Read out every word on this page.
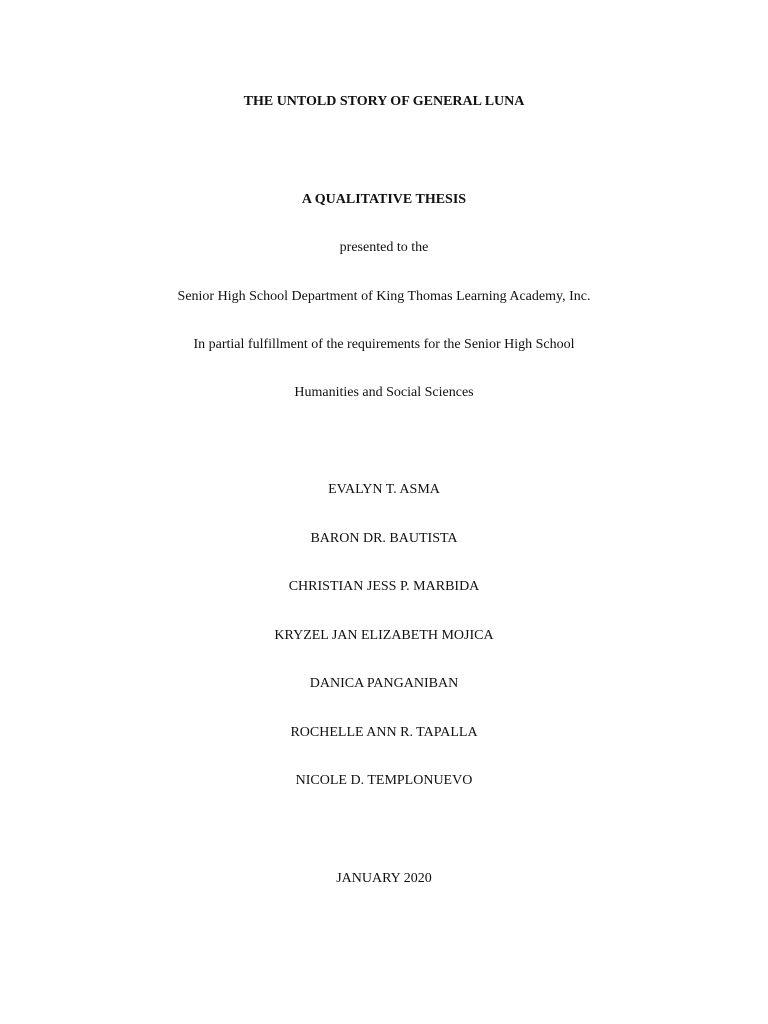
THE UNTOLD STORY OF GENERAL LUNA
A QUALITATIVE THESIS
presented to the
Senior High School Department of King Thomas Learning Academy, Inc.
In partial fulfillment of the requirements for the Senior High School
Humanities and Social Sciences
EVALYN T. ASMA
BARON DR. BAUTISTA
CHRISTIAN JESS P. MARBIDA
KRYZEL JAN ELIZABETH MOJICA
DANICA PANGANIBAN
ROCHELLE ANN R. TAPALLA
NICOLE D. TEMPLONUEVO
JANUARY 2020
